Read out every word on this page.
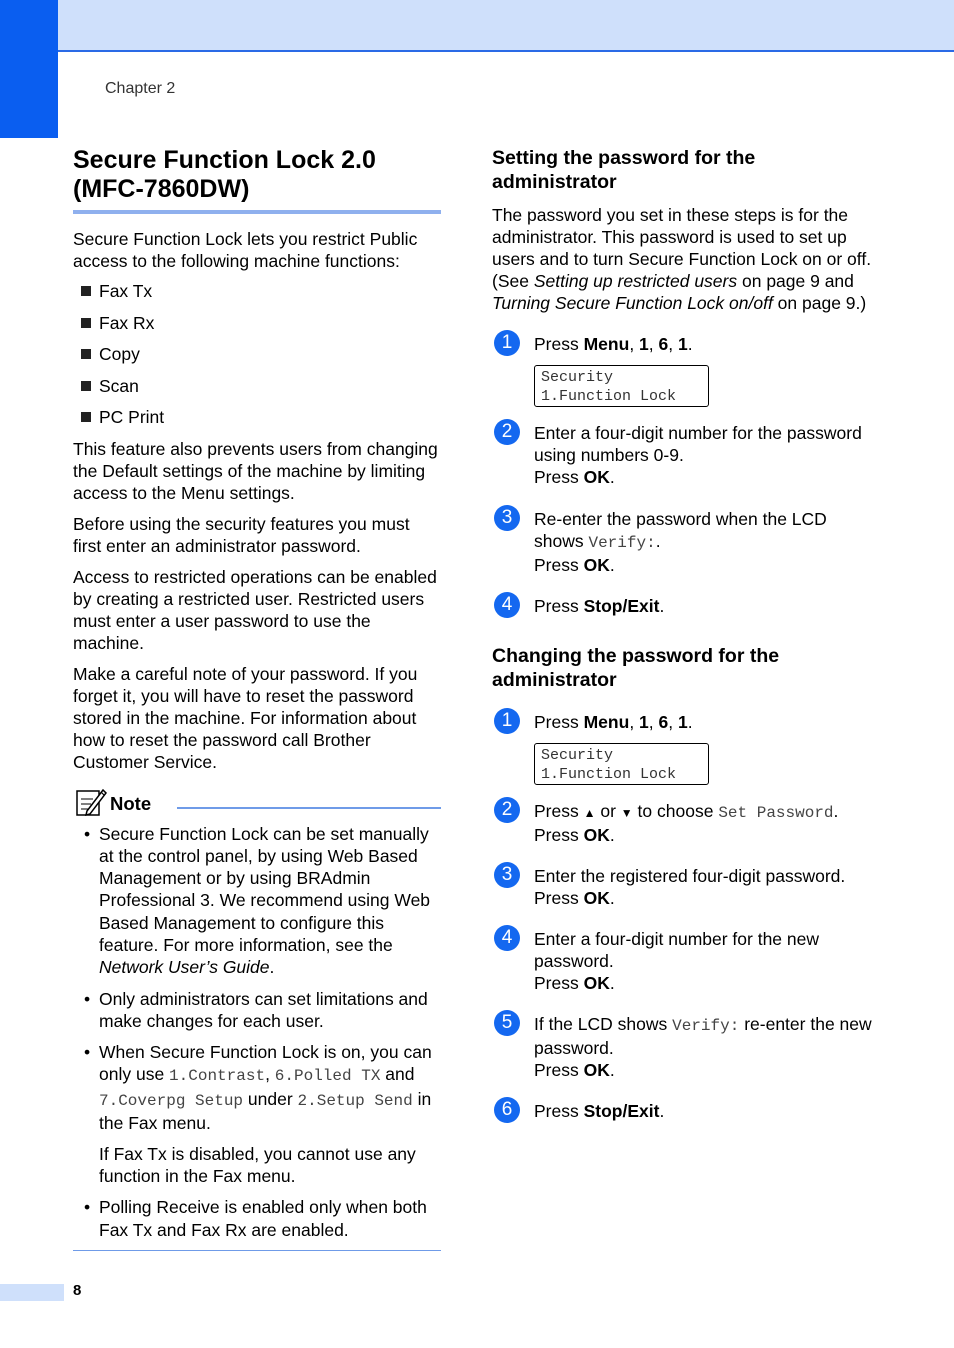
Chapter 2
Secure Function Lock 2.0
(MFC-7860DW)

Secure Function Lock lets you restrict Public access to the following machine functions:

Fax Tx
Fax Rx
Copy
Scan
PC Print

This feature also prevents users from changing the Default settings of the machine by limiting access to the Menu settings.

Before using the security features you must first enter an administrator password.

Access to restricted operations can be enabled by creating a restricted user. Restricted users must enter a user password to use the machine.

Make a careful note of your password. If you forget it, you will have to reset the password stored in the machine. For information about how to reset the password call Brother Customer Service.

Note
• Secure Function Lock can be set manually at the control panel, by using Web Based Management or by using BRAdmin Professional 3. We recommend using Web Based Management to configure this feature. For more information, see the Network User’s Guide.
• Only administrators can set limitations and make changes for each user.
• When Secure Function Lock is on, you can only use 1.Contrast, 6.Polled TX and 7.Coverpg Setup under 2.Setup Send in the Fax menu.

If Fax Tx is disabled, you cannot use any function in the Fax menu.

• Polling Receive is enabled only when both Fax Tx and Fax Rx are enabled.
Setting the password for the administrator

The password you set in these steps is for the administrator. This password is used to set up users and to turn Secure Function Lock on or off. (See Setting up restricted users on page 9 and Turning Secure Function Lock on/off on page 9.)

1	Press Menu, 1, 6, 1.
Security
1.Function Lock
2	Enter a four-digit number for the password using numbers 0-9.
Press OK.
3	Re-enter the password when the LCD shows Verify:.
Press OK.
4	Press Stop/Exit.
Changing the password for the administrator
1	Press Menu, 1, 6, 1.
Security
1.Function Lock
2	Press ▲ or ▼ to choose Set Password.
Press OK.
3	Enter the registered four-digit password.
Press OK.
4	Enter a four-digit number for the new password.
Press OK.
5	If the LCD shows Verify: re-enter the new password.
Press OK.
6	Press Stop/Exit.
8
